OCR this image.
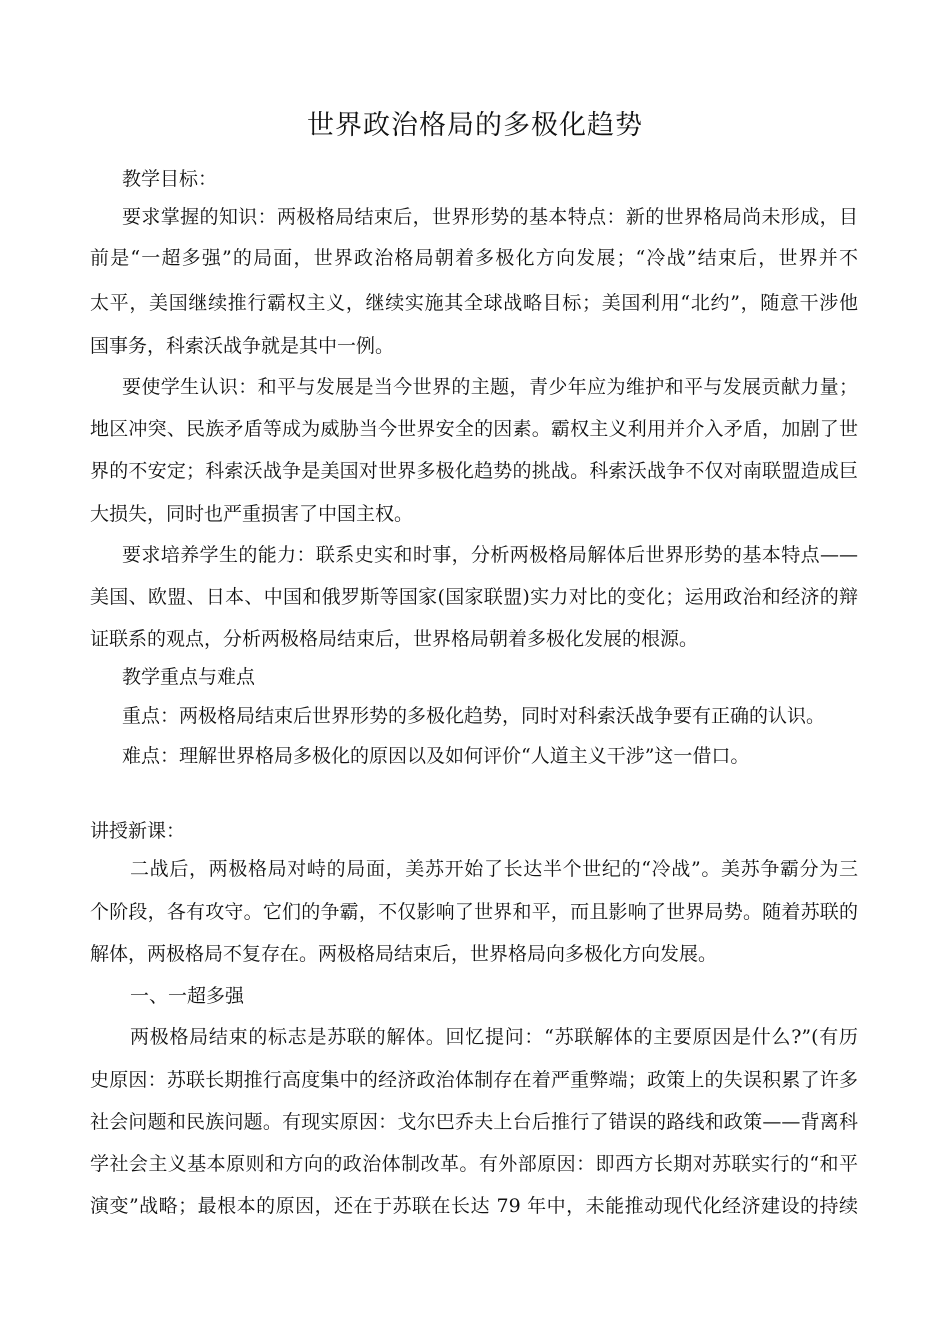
世界政治格局的多极化趋势
教学目标：
要求掌握的知识：两极格局结束后，世界形势的基本特点：新的世界格局尚未形成，目
前是“一超多强”的局面，世界政治格局朝着多极化方向发展；“冷战”结束后，世界并不
太平，美国继续推行霸权主义，继续实施其全球战略目标；美国利用“北约”，随意干涉他
国事务，科索沃战争就是其中一例。
要使学生认识：和平与发展是当今世界的主题，青少年应为维护和平与发展贡献力量；
地区冲突、民族矛盾等成为威胁当今世界安全的因素。霸权主义利用并介入矛盾，加剧了世
界的不安定；科索沃战争是美国对世界多极化趋势的挑战。科索沃战争不仅对南联盟造成巨
大损失，同时也严重损害了中国主权。
要求培养学生的能力：联系史实和时事，分析两极格局解体后世界形势的基本特点——
美国、欧盟、日本、中国和俄罗斯等国家(国家联盟)实力对比的变化；运用政治和经济的辩
证联系的观点，分析两极格局结束后，世界格局朝着多极化发展的根源。
教学重点与难点
重点：两极格局结束后世界形势的多极化趋势，同时对科索沃战争要有正确的认识。
难点：理解世界格局多极化的原因以及如何评价“人道主义干涉”这一借口。
讲授新课：
二战后，两极格局对峙的局面，美苏开始了长达半个世纪的“冷战”。美苏争霸分为三
个阶段，各有攻守。它们的争霸，不仅影响了世界和平，而且影响了世界局势。随着苏联的
解体，两极格局不复存在。两极格局结束后，世界格局向多极化方向发展。
一、一超多强
两极格局结束的标志是苏联的解体。回忆提问：“苏联解体的主要原因是什么?”(有历
史原因：苏联长期推行高度集中的经济政治体制存在着严重弊端；政策上的失误积累了许多
社会问题和民族问题。有现实原因：戈尔巴乔夫上台后推行了错误的路线和政策——背离科
学社会主义基本原则和方向的政治体制改革。有外部原因：即西方长期对苏联实行的“和平
演变”战略；最根本的原因，还在于苏联在长达 79 年中，未能推动现代化经济建设的持续
